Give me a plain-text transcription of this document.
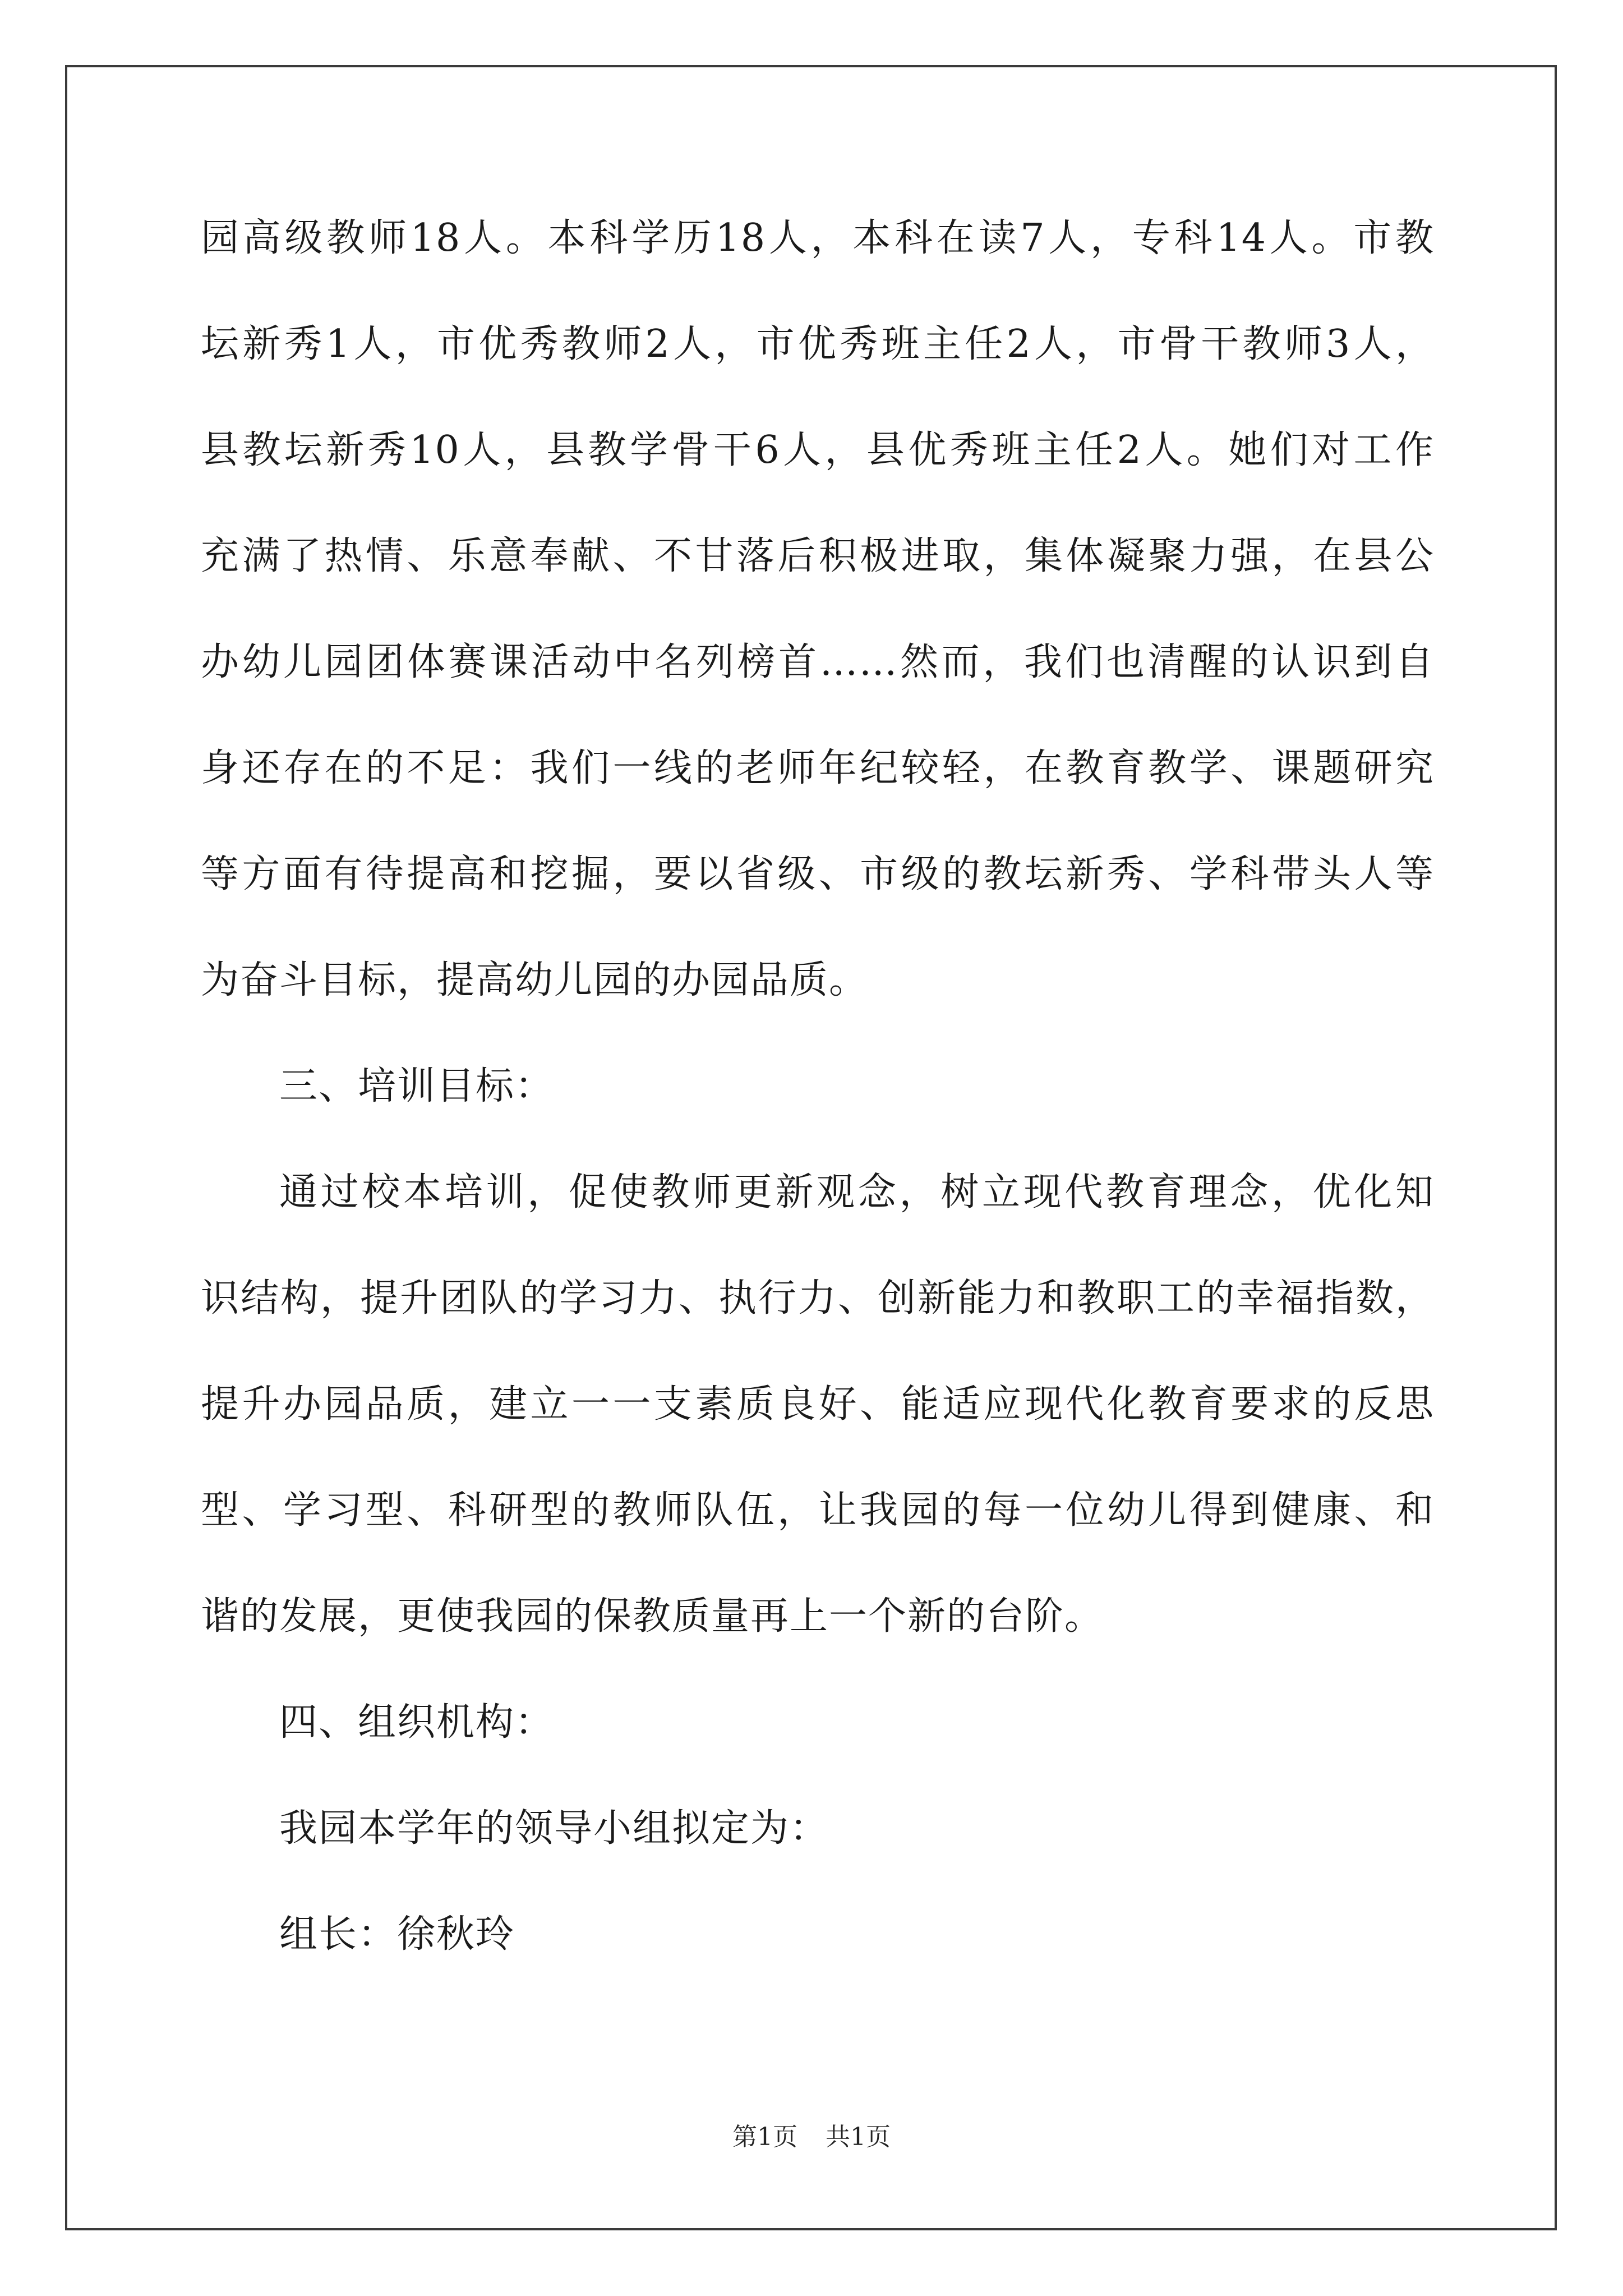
园高级教师18人。本科学历18人，本科在读7人，专科14人。市教
坛新秀1人，市优秀教师2人，市优秀班主任2人，市骨干教师3人，
县教坛新秀10人，县教学骨干6人，县优秀班主任2人。她们对工作
充满了热情、乐意奉献、不甘落后积极进取，集体凝聚力强，在县公
办幼儿园团体赛课活动中名列榜首……然而，我们也清醒的认识到自
身还存在的不足：我们一线的老师年纪较轻，在教育教学、课题研究
等方面有待提高和挖掘，要以省级、市级的教坛新秀、学科带头人等
为奋斗目标，提高幼儿园的办园品质。
三、培训目标：
通过校本培训，促使教师更新观念，树立现代教育理念，优化知
识结构，提升团队的学习力、执行力、创新能力和教职工的幸福指数，
提升办园品质，建立一一支素质良好、能适应现代化教育要求的反思
型、学习型、科研型的教师队伍，让我园的每一位幼儿得到健康、和
谐的发展，更使我园的保教质量再上一个新的台阶。
四、组织机构：
我园本学年的领导小组拟定为：
组长：徐秋玲
第1页 共1页
